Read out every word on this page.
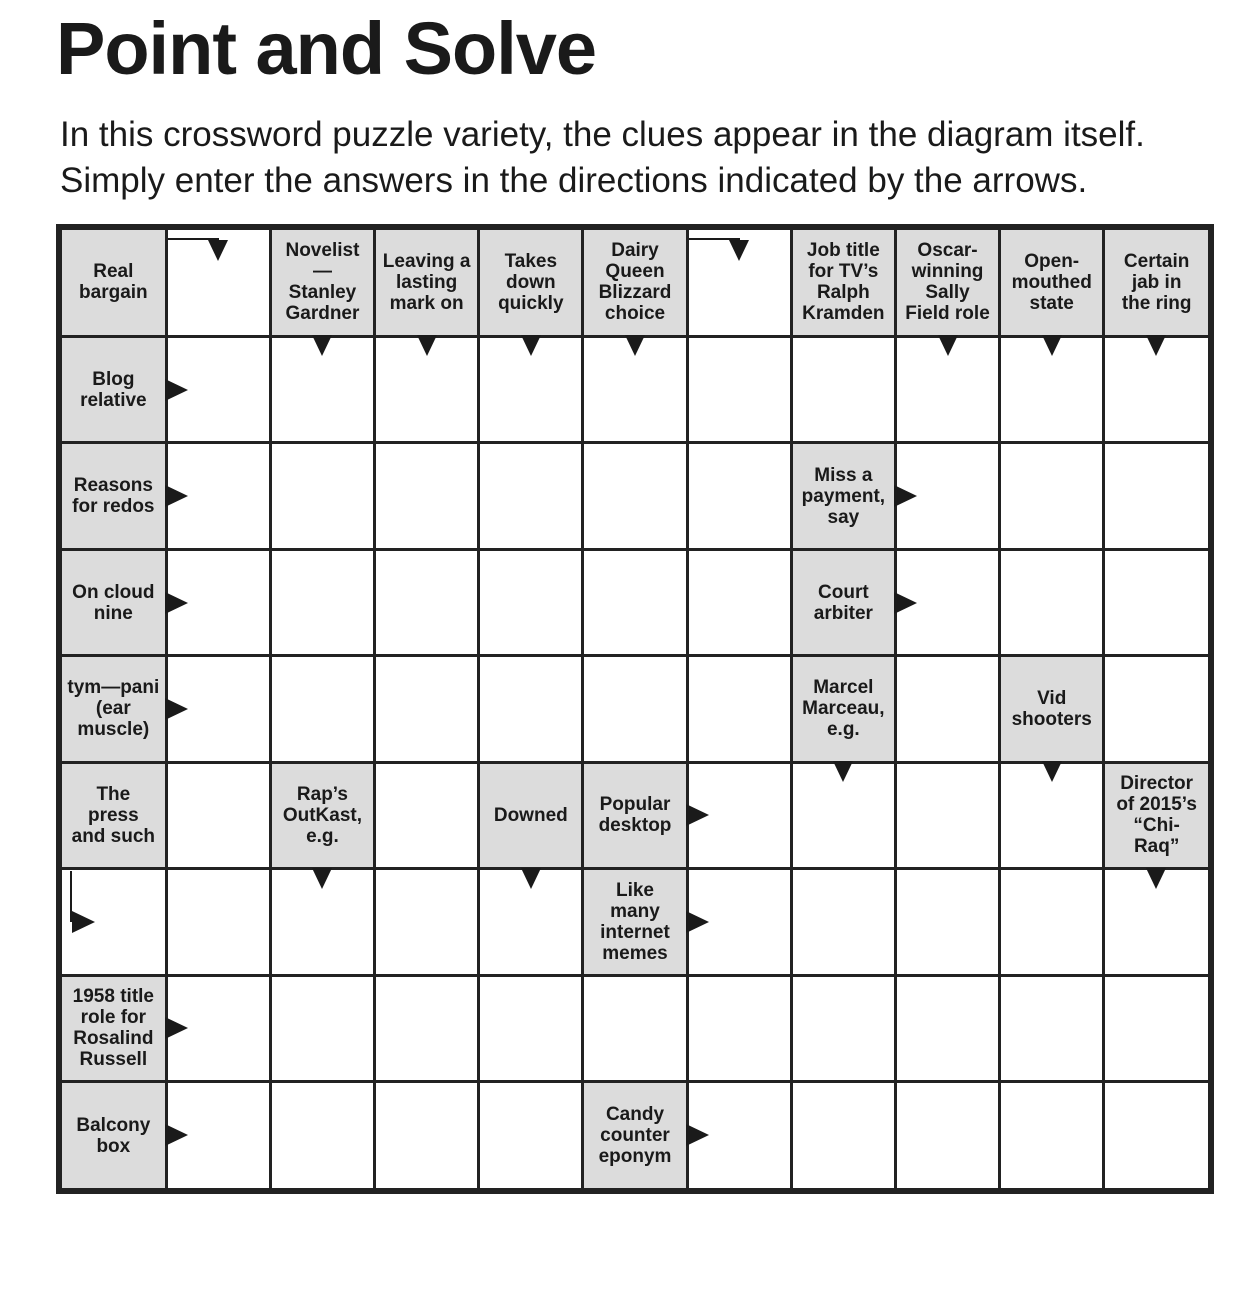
Point and Solve

In this crossword puzzle variety, the clues appear in the diagram itself.
Simply enter the answers in the directions indicated by the arrows.

Real
bargain
Novelist
—
Stanley
Gardner
Leaving a
lasting
mark on
Takes
down
quickly
Dairy
Queen
Blizzard
choice
Job title
for TV’s
Ralph
Kramden
Oscar-
winning
Sally
Field role
Open-
mouthed
state
Certain
jab in
the ring
Blog
relative
Reasons
for redos
Miss a
payment,
say
On cloud
nine
Court
arbiter
tym—pani
(ear
muscle)
Marcel
Marceau,
e.g.
Vid
shooters
The
press
and such
Rap’s
OutKast,
e.g.
Downed Popular
desktop
Director
of 2015’s
“Chi-
Raq”
Like
many
internet
memes
1958 title
role for
Rosalind
Russell
Balcony
box
Candy
counter
eponym
